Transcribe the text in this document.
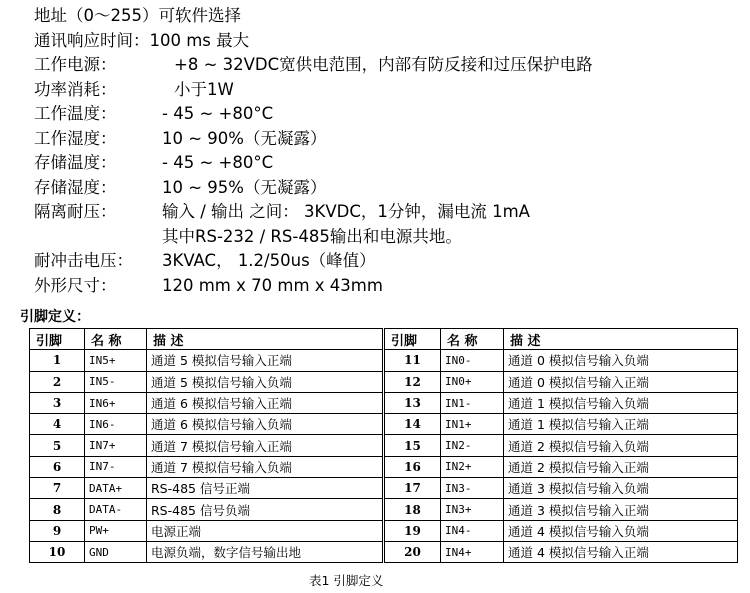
地址（0～255）可软件选择
通讯响应时间：100 ms 最大
工作电源：	+8 ~ 32VDC宽供电范围，内部有防反接和过压保护电路
功率消耗：	小于1W
工作温度：	- 45 ~ +80°C
工作湿度：	10 ~ 90%（无凝露）
存储温度：	- 45 ~ +80°C
存储湿度：	10 ~ 95%（无凝露）
隔离耐压：	输入 / 输出 之间： 3KVDC，1分钟，漏电流 1mA
其中RS-232 / RS-485输出和电源共地。
耐冲击电压： 3KVAC， 1.2/50us（峰值）
外形尺寸：	120 mm x 70 mm x 43mm
引脚定义：
引脚	名 称	描 述	引脚	名 称	描 述
1	IN5+	通道 5 模拟信号输入正端	11	IN0-	通道 0 模拟信号输入负端
2	IN5-	通道 5 模拟信号输入负端	12	IN0+	通道 0 模拟信号输入正端
3	IN6+	通道 6 模拟信号输入正端	13	IN1-	通道 1 模拟信号输入负端
4	IN6-	通道 6 模拟信号输入负端	14	IN1+	通道 1 模拟信号输入正端
5	IN7+	通道 7 模拟信号输入正端	15	IN2-	通道 2 模拟信号输入负端
6	IN7-	通道 7 模拟信号输入负端	16	IN2+	通道 2 模拟信号输入正端
7	DATA+	RS-485 信号正端	17	IN3-	通道 3 模拟信号输入负端
8	DATA-	RS-485 信号负端	18	IN3+	通道 3 模拟信号输入正端
9	PW+	电源正端	19	IN4-	通道 4 模拟信号输入负端
10	GND	电源负端，数字信号输出地	20	IN4+	通道 4 模拟信号输入正端
表1 引脚定义
